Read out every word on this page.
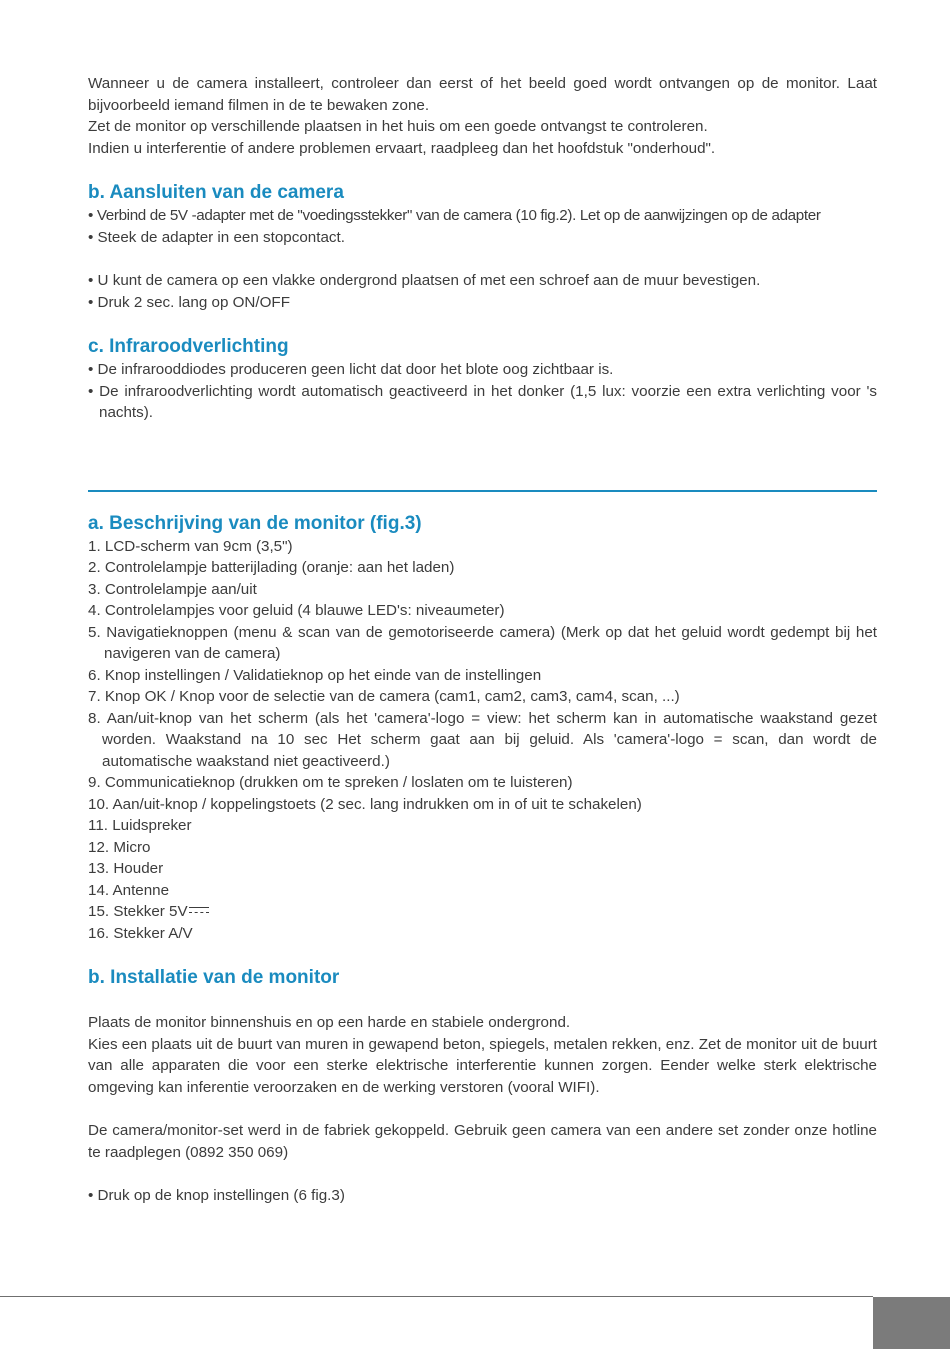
Wanneer u de camera installeert, controleer dan eerst of het beeld goed wordt ontvangen op de monitor. Laat bijvoorbeeld iemand filmen in de te bewaken zone.

Zet de monitor op verschillende plaatsen in het huis om een goede ontvangst te controleren.

Indien u interferentie of andere problemen ervaart, raadpleeg dan het hoofdstuk "onderhoud".

b. Aansluiten van de camera

• Verbind de 5V -adapter met de "voedingsstekker" van de camera (10 fig.2). Let op de aanwijzingen op de adapter

• Steek de adapter in een stopcontact.

• U kunt de camera op een vlakke ondergrond plaatsen of met een schroef aan de muur bevestigen.

• Druk 2 sec. lang op ON/OFF

c. Infraroodverlichting

• De infrarooddiodes produceren geen licht dat door het blote oog zichtbaar is.

• De infraroodverlichting wordt automatisch geactiveerd in het donker (1,5 lux: voorzie een extra verlichting voor 's nachts).

a. Beschrijving van de monitor (fig.3)

1. LCD-scherm van 9cm (3,5")

2. Controlelampje batterijlading (oranje: aan het laden)

3. Controlelampje aan/uit

4. Controlelampjes voor geluid (4 blauwe LED's: niveaumeter)

5. Navigatieknoppen (menu & scan van de gemotoriseerde camera) (Merk op dat het geluid wordt gedempt bij het navigeren van de camera)

6. Knop instellingen / Validatieknop op het einde van de instellingen

7. Knop OK / Knop voor de selectie van de camera (cam1, cam2, cam3, cam4, scan, ...)

8. Aan/uit-knop van het scherm (als het 'camera'-logo = view: het scherm kan in automatische waakstand gezet worden. Waakstand na 10 sec Het scherm gaat aan bij geluid. Als 'camera'-logo = scan, dan wordt de automatische waakstand niet geactiveerd.)

9. Communicatieknop (drukken om te spreken / loslaten om te luisteren)

10. Aan/uit-knop / koppelingstoets (2 sec. lang indrukken om in of uit te schakelen)

11. Luidspreker

12. Micro

13. Houder

14. Antenne

15. Stekker 5V

16. Stekker A/V

b. Installatie van de monitor

Plaats de monitor binnenshuis en op een harde en stabiele ondergrond.

Kies een plaats uit de buurt van muren in gewapend beton, spiegels, metalen rekken, enz. Zet de monitor uit de buurt van alle apparaten die voor een sterke elektrische interferentie kunnen zorgen. Eender welke sterk elektrische omgeving kan inferentie veroorzaken en de werking verstoren (vooral WIFI).

De camera/monitor-set werd in de fabriek gekoppeld. Gebruik geen camera van een andere set zonder onze hotline te raadplegen (0892 350 069)

• Druk op de knop instellingen (6 fig.3)
